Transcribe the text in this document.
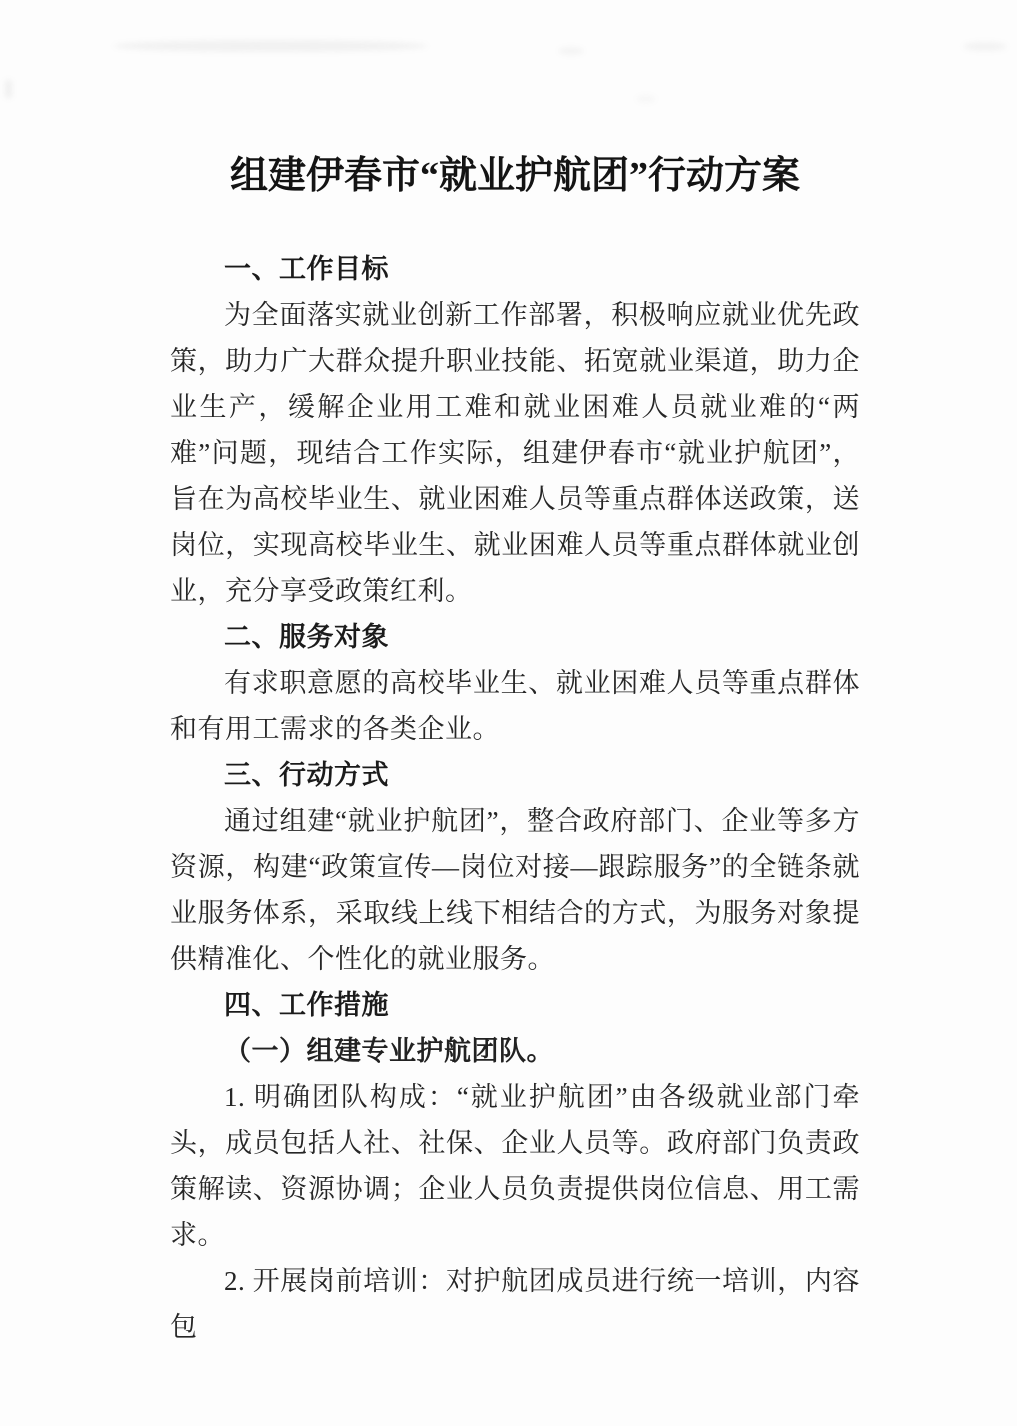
组建伊春市“就业护航团”行动方案
一、工作目标
为全面落实就业创新工作部署，积极响应就业优先政策，助力广大群众提升职业技能、拓宽就业渠道，助力企业生产，缓解企业用工难和就业困难人员就业难的“两难”问题，现结合工作实际，组建伊春市“就业护航团”，旨在为高校毕业生、就业困难人员等重点群体送政策，送岗位，实现高校毕业生、就业困难人员等重点群体就业创业，充分享受政策红利。
二、服务对象
有求职意愿的高校毕业生、就业困难人员等重点群体和有用工需求的各类企业。
三、行动方式
通过组建“就业护航团”，整合政府部门、企业等多方资源，构建“政策宣传—岗位对接—跟踪服务”的全链条就业服务体系，采取线上线下相结合的方式，为服务对象提供精准化、个性化的就业服务。
四、工作措施
（一）组建专业护航团队。
1. 明确团队构成：“就业护航团”由各级就业部门牵头，成员包括人社、社保、企业人员等。政府部门负责政策解读、资源协调；企业人员负责提供岗位信息、用工需求。
2. 开展岗前培训：对护航团成员进行统一培训，内容包
